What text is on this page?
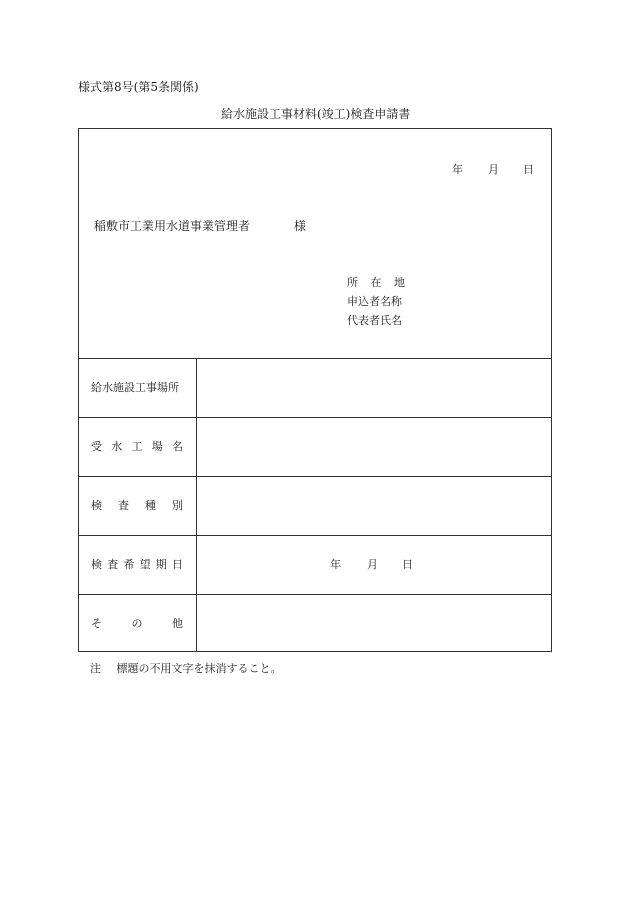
様式第8号(第5条関係)
給水施設工事材料(竣工)検査申請書
年 月 日
稲敷市工業用水道事業管理者	様
所 在 地
申込者名称
代表者氏名
給水施設工事場所
受 水 工 場 名
検 査 種 別
検 査 希 望 期 日	年 月 日
そ	の	他
注 標題の不用文字を抹消すること。
